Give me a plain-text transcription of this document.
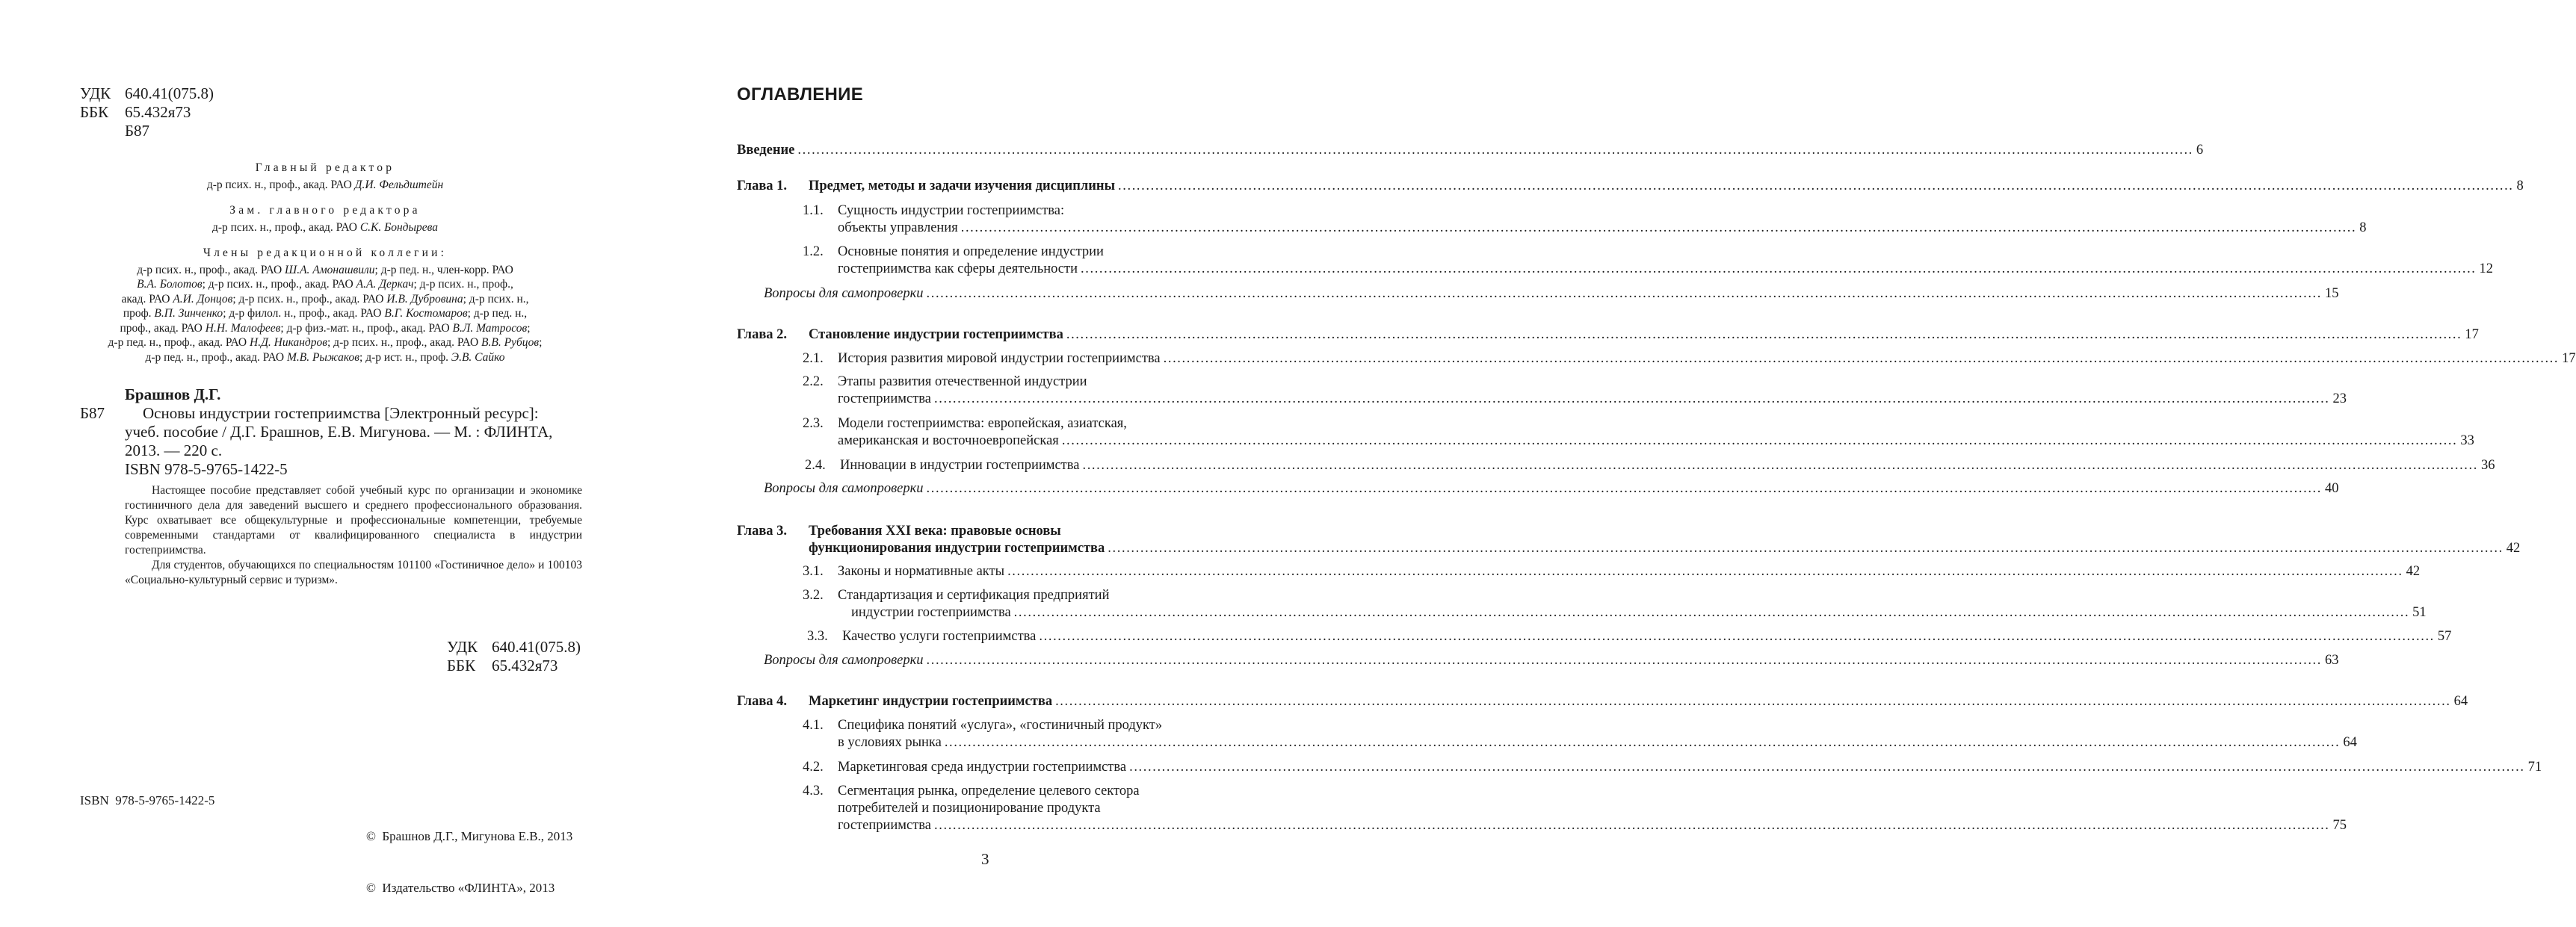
УДК 640.41(075.8)
ББК 65.432я73
Б87
Главный редактор
д-р псих. н., проф., акад. РАО Д.И. Фельдштейн
Зам. главного редактора
д-р псих. н., проф., акад. РАО С.К. Бондырева
Члены редакционной коллегии:
д-р псих. н., проф., акад. РАО Ш.А. Амонашвили; д-р пед. н., член-корр. РАО
В.А. Болотов; д-р псих. н., проф., акад. РАО А.А. Деркач; д-р псих. н., проф.,
акад. РАО А.И. Донцов; д-р псих. н., проф., акад. РАО И.В. Дубровина; д-р псих. н.,
проф. В.П. Зинченко; д-р филол. н., проф., акад. РАО В.Г. Костомаров; д-р пед. н.,
проф., акад. РАО Н.Н. Малофеев; д-р физ.-мат. н., проф., акад. РАО В.Л. Матросов;
д-р пед. н., проф., акад. РАО Н.Д. Никандров; д-р псих. н., проф., акад. РАО В.В. Рубцов;
д-р пед. н., проф., акад. РАО М.В. Рыжаков; д-р ист. н., проф. Э.В. Сайко
Брашнов Д.Г.
Б87	Основы индустрии гостеприимства [Электронный ресурс]:
учеб. пособие / Д.Г. Брашнов, Е.В. Мигунова. — М. : ФЛИНТА,
2013. — 220 с.
ISBN 978-5-9765-1422-5

Настоящее пособие представляет собой учебный курс по организации и экономике гостиничного дела для заведений высшего и среднего профессионального образования. Курс охватывает все общекультурные и профессиональные компетенции, требуемые современными стандартами от квалифицированного специалиста в индустрии гостеприимства.

Для студентов, обучающихся по специальностям 101100 «Гостиничное дело» и 100103 «Социально-культурный сервис и туризм».

УДК 640.41(075.8)
ББК 65.432я73
ISBN  978-5-9765-1422-5

©  Брашнов Д.Г., Мигунова Е.В., 2013

©  Издательство «ФЛИНТА», 2013

ОГЛАВЛЕНИЕ
Введение ............................................................................................................................................................................................................................................................................................................ 6
Глава 1.	Предмет, методы и задачи изучения дисциплины ............................................................................................................................................................................................................................................................................................................ 8
1.1. Сущность индустрии гостеприимства:
объекты управления ............................................................................................................................................................................................................................................................................................................ 8
1.2. Основные понятия и определение индустрии
гостеприимства как сферы деятельности ............................................................................................................................................................................................................................................................................................................ 12
Вопросы для самопроверки ............................................................................................................................................................................................................................................................................................................ 15
Глава 2.	Становление индустрии гостеприимства ............................................................................................................................................................................................................................................................................................................ 17
2.1.	История развития мировой индустрии гостеприимства ............................................................................................................................................................................................................................................................................................................ 17
2.2. Этапы развития отечественной индустрии
гостеприимства ............................................................................................................................................................................................................................................................................................................ 23
2.3. Модели гостеприимства: европейская, азиатская,
американская и восточноевропейская ............................................................................................................................................................................................................................................................................................................ 33
2.4.	Инновации в индустрии гостеприимства ............................................................................................................................................................................................................................................................................................................ 36
Вопросы для самопроверки ............................................................................................................................................................................................................................................................................................................ 40
Глава 3. Требования XXI века: правовые основы
функционирования индустрии гостеприимства ............................................................................................................................................................................................................................................................................................................ 42
3.1.	Законы и нормативные акты ............................................................................................................................................................................................................................................................................................................ 42
3.2. Стандартизация и сертификация предприятий
индустрии гостеприимства ............................................................................................................................................................................................................................................................................................................ 51
3.3.	Качество услуги гостеприимства ............................................................................................................................................................................................................................................................................................................ 57
Вопросы для самопроверки ............................................................................................................................................................................................................................................................................................................ 63
Глава 4.	Маркетинг индустрии гостеприимства ............................................................................................................................................................................................................................................................................................................ 64
4.1. Специфика понятий «услуга», «гостиничный продукт»
в условиях рынка ............................................................................................................................................................................................................................................................................................................ 64
4.2.	Маркетинговая среда индустрии гостеприимства ............................................................................................................................................................................................................................................................................................................ 71
4.3. Сегментация рынка, определение целевого сектора
потребителей и позиционирование продукта
гостеприимства ............................................................................................................................................................................................................................................................................................................ 75
3
